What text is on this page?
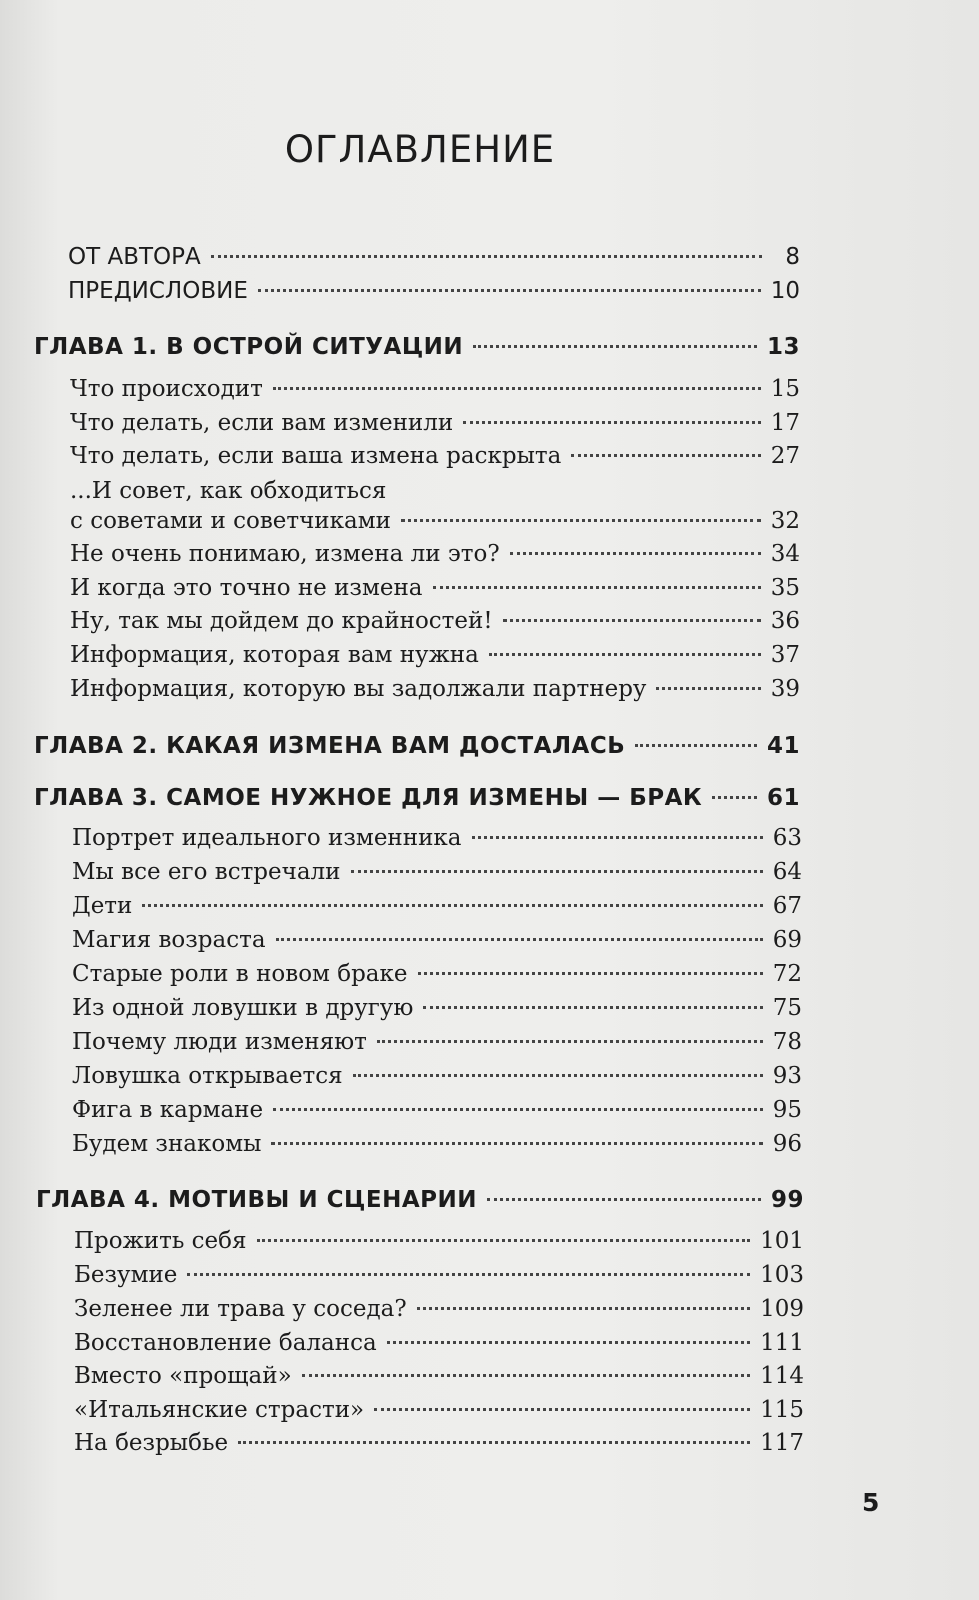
ОГЛАВЛЕНИЕ
ОТ АВТОРА	8
ПРЕДИСЛОВИЕ	10
ГЛАВА 1. В ОСТРОЙ СИТУАЦИИ	13
Что происходит	15
Что делать, если вам изменили	17
Что делать, если ваша измена раскрыта	27
...И совет, как обходиться
с советами и советчиками	32
Не очень понимаю, измена ли это?	34
И когда это точно не измена	35
Ну, так мы дойдем до крайностей!	36
Информация, которая вам нужна	37
Информация, которую вы задолжали партнеру	39
ГЛАВА 2. КАКАЯ ИЗМЕНА ВАМ ДОСТАЛАСЬ	41
ГЛАВА 3. САМОЕ НУЖНОЕ ДЛЯ ИЗМЕНЫ — БРАК	61
Портрет идеального изменника	63
Мы все его встречали	64
Дети	67
Магия возраста	69
Старые роли в новом браке	72
Из одной ловушки в другую	75
Почему люди изменяют	78
Ловушка открывается	93
Фига в кармане	95
Будем знакомы	96
ГЛАВА 4. МОТИВЫ И СЦЕНАРИИ	99
Прожить себя	101
Безумие	103
Зеленее ли трава у соседа?	109
Восстановление баланса	111
Вместо «прощай»	114
«Итальянские страсти»	115
На безрыбье	117
5
